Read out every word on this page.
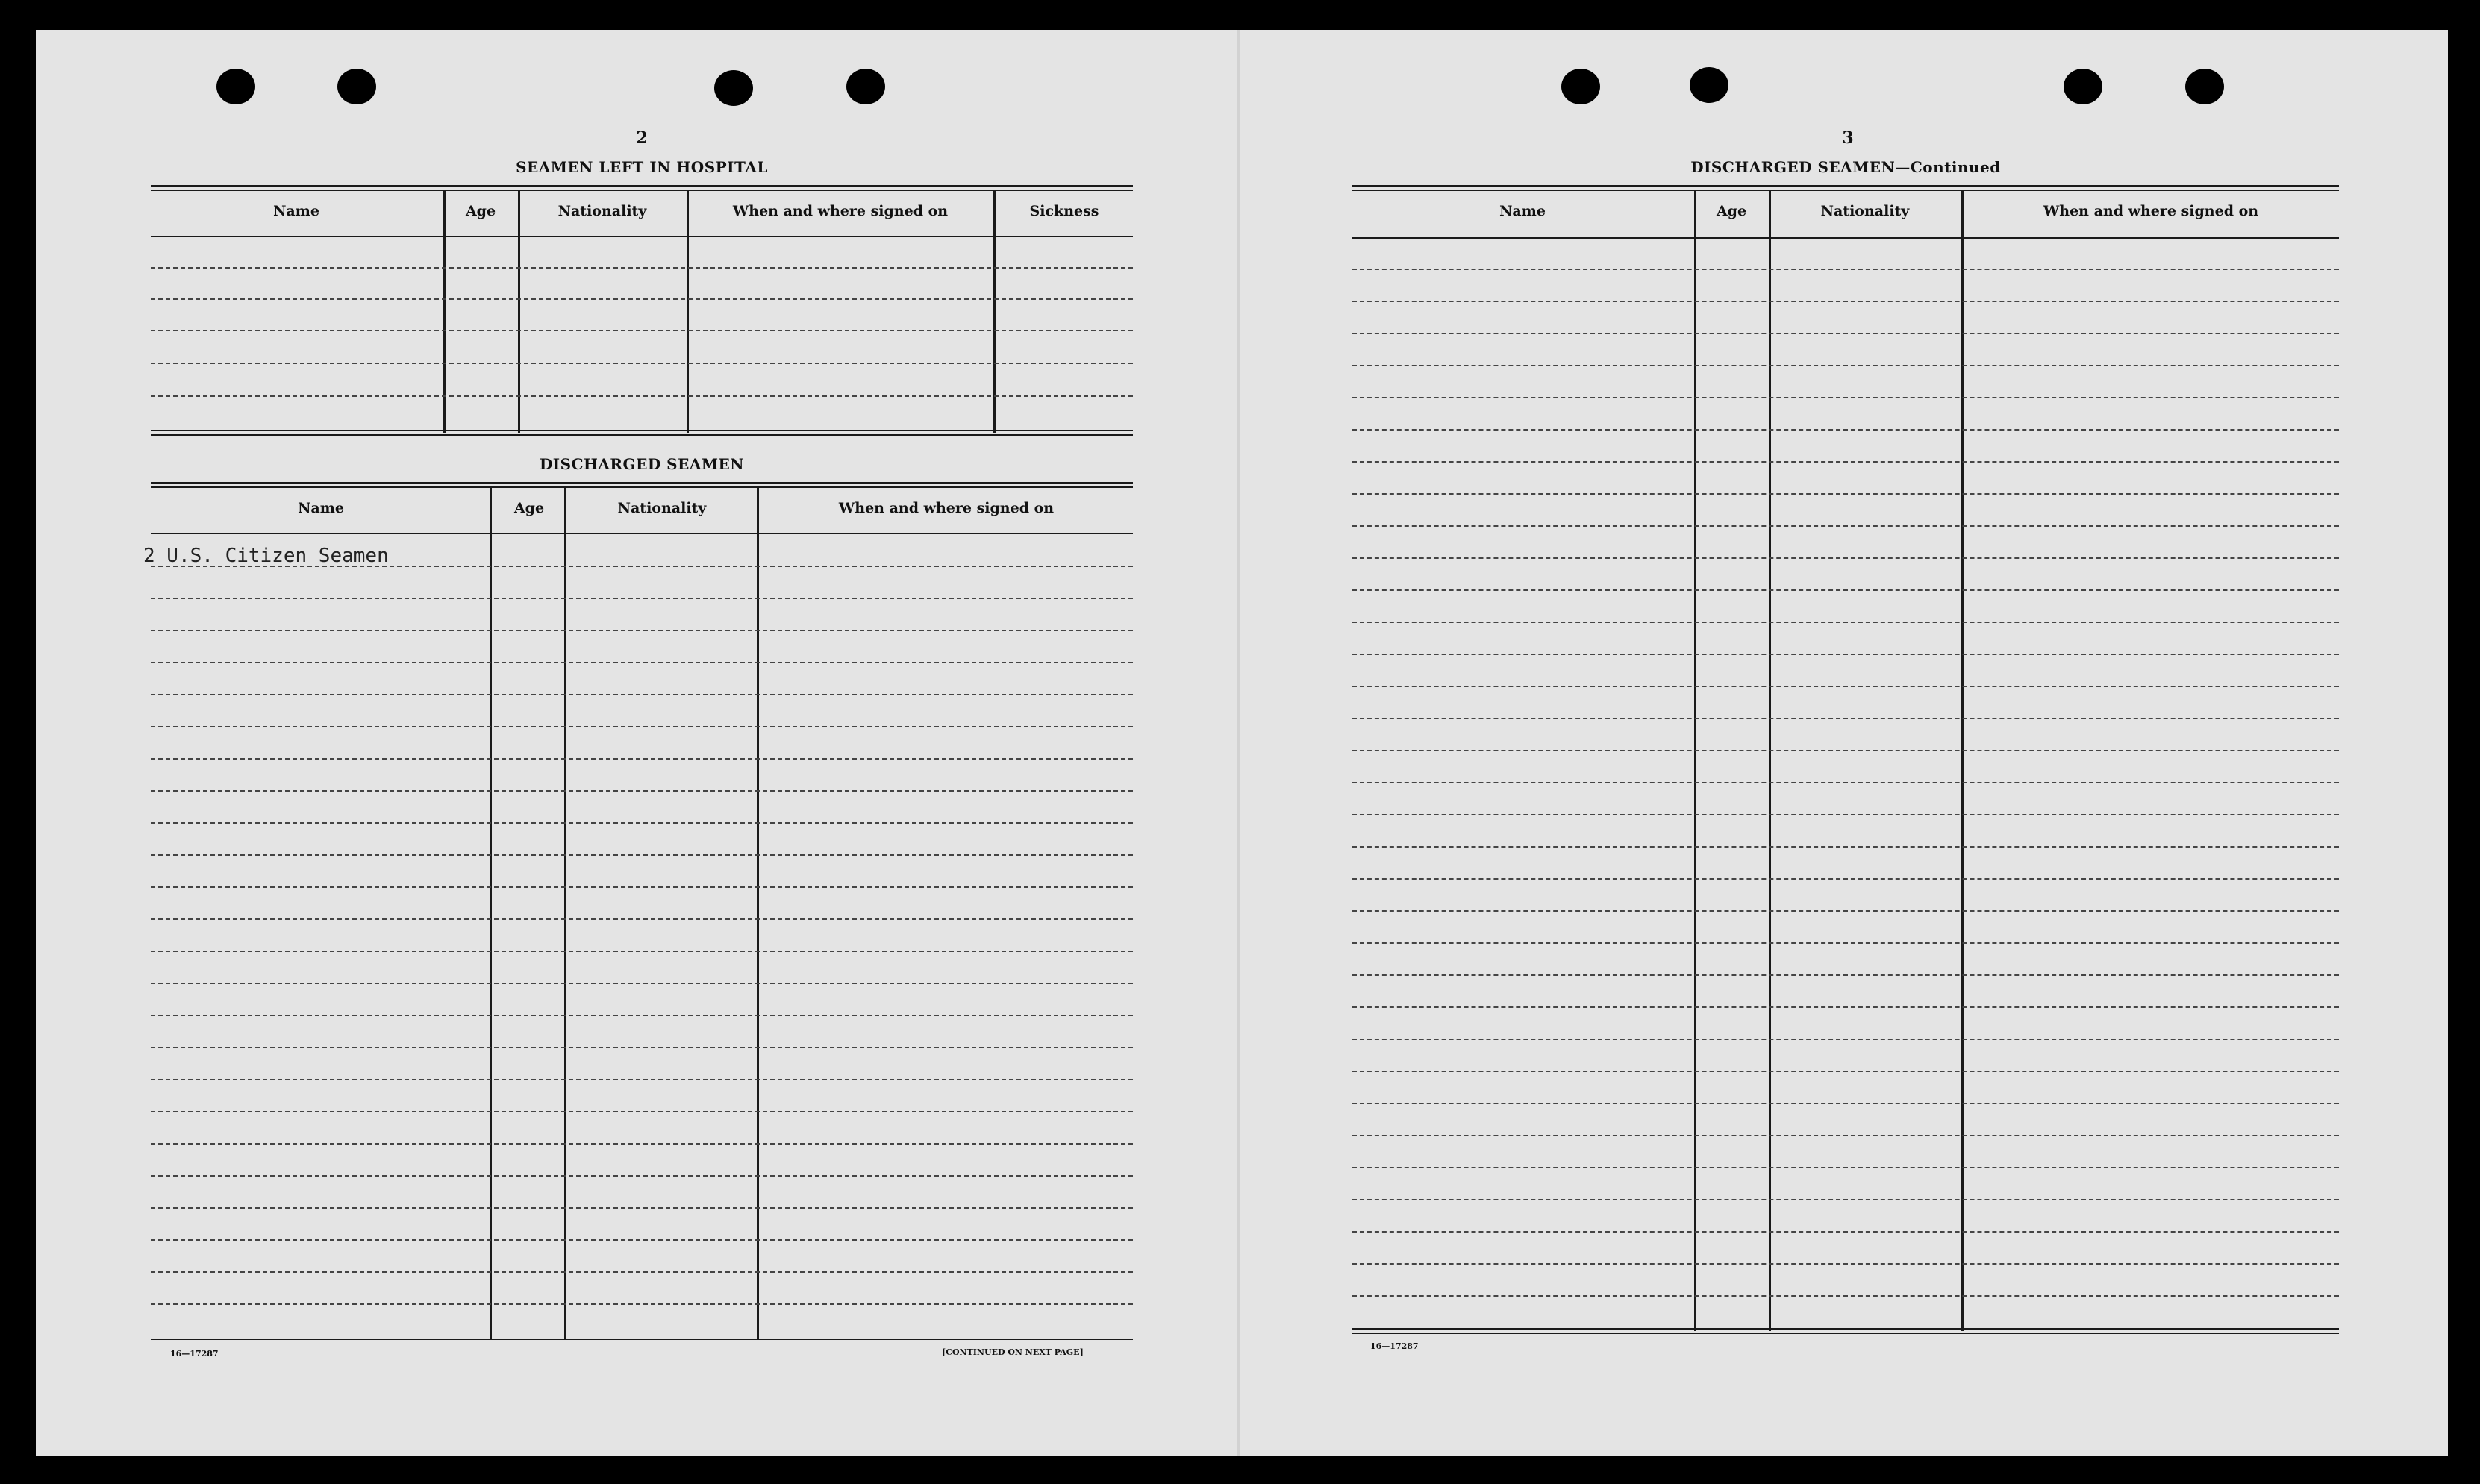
2
SEAMEN LEFT IN HOSPITAL
Name	Age	Nationality	When and where signed on	Sickness
DISCHARGED SEAMEN
Name	Age	Nationality	When and where signed on
2 U.S. Citizen Seamen
16—17287	[CONTINUED ON NEXT PAGE]
3
DISCHARGED SEAMEN—Continued
Name	Age	Nationality	When and where signed on
16—17287
